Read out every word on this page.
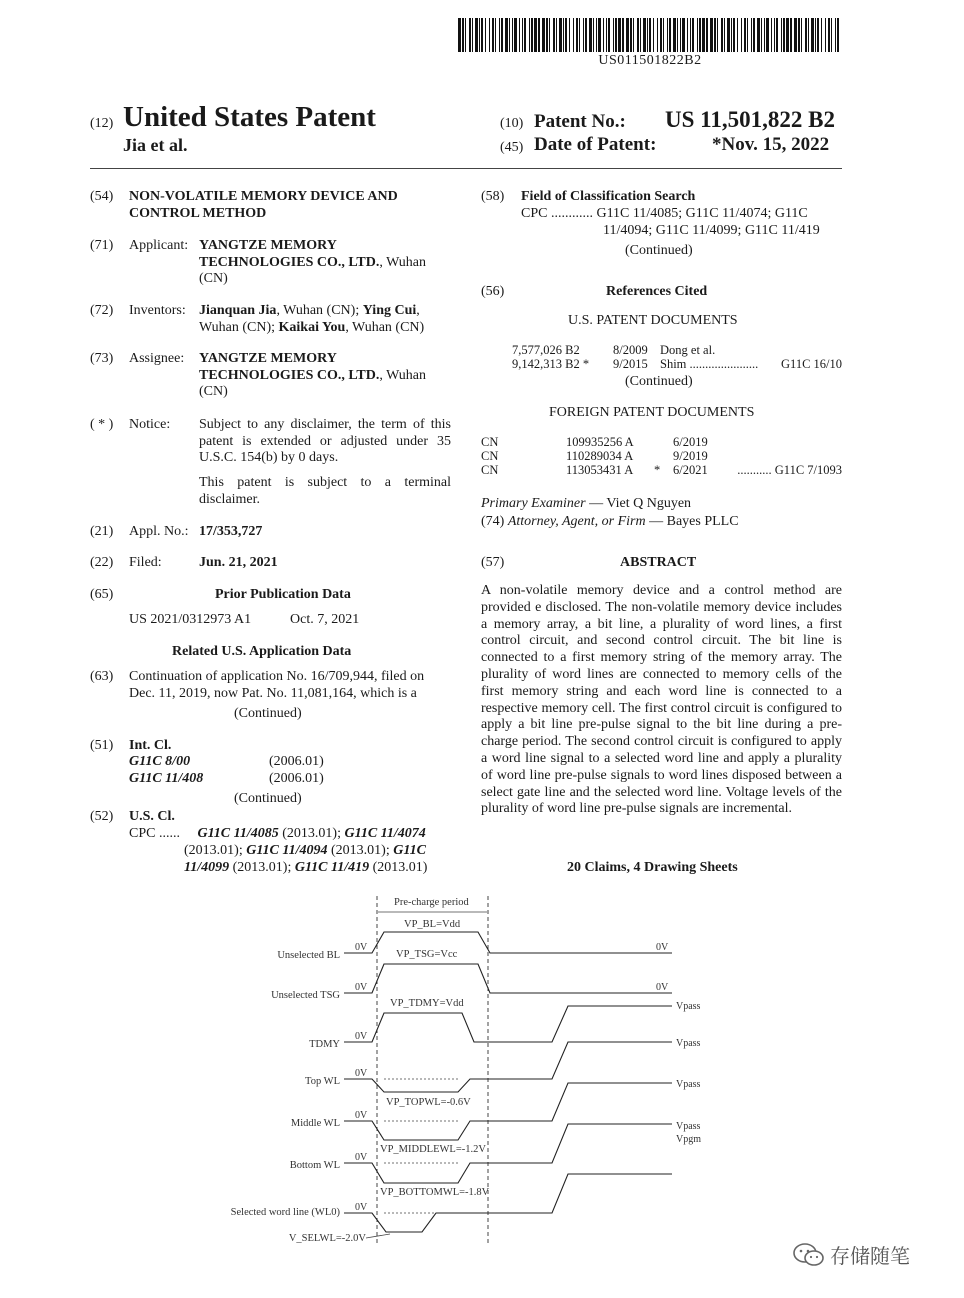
US011501822B2
(12) United States Patent
Jia et al.
(10) Patent No.: US 11,501,822 B2
(45) Date of Patent:	*Nov. 15, 2022
(54) NON-VOLATILE MEMORY DEVICE AND
CONTROL METHOD
(71) Applicant: YANGTZE MEMORY
TECHNOLOGIES CO., LTD., Wuhan
(CN)
(72) Inventors: Jianquan Jia, Wuhan (CN); Ying Cui,
Wuhan (CN); Kaikai You, Wuhan (CN)
(73) Assignee: YANGTZE MEMORY
TECHNOLOGIES CO., LTD., Wuhan
(CN)
( * ) Notice: Subject to any disclaimer, the term of this patent is extended or adjusted under 35 U.S.C. 154(b) by 0 days.
This patent is subject to a terminal disclaimer.
(21) Appl. No.: 17/353,727
(22) Filed:	Jun. 21, 2021
(65)	Prior Publication Data
US 2021/0312973 A1	Oct. 7, 2021
Related U.S. Application Data
(63) Continuation of application No. 16/709,944, filed on
Dec. 11, 2019, now Pat. No. 11,081,164, which is a
(Continued)
(51) Int. Cl.
G11C 8/00	(2006.01)
G11C 11/408	(2006.01)
(Continued)
(52) U.S. Cl.
CPC ...... G11C 11/4085 (2013.01); G11C 11/4074
(2013.01); G11C 11/4094 (2013.01); G11C
11/4099 (2013.01); G11C 11/419 (2013.01)
(58) Field of Classification Search
CPC ............ G11C 11/4085; G11C 11/4074; G11C
11/4094; G11C 11/4099; G11C 11/419
(Continued)
(56)	References Cited
U.S. PATENT DOCUMENTS
7,577,026 B2	8/2009 Dong et al.
9,142,313 B2 * 9/2015 Shim ...................... G11C 16/10
(Continued)
FOREIGN PATENT DOCUMENTS
CN	109935256 A	6/2019
CN	110289034 A	9/2019
CN	113053431 A * 6/2021 ........... G11C 7/1093
Primary Examiner — Viet Q Nguyen
(74) Attorney, Agent, or Firm — Bayes PLLC
(57)	ABSTRACT
A non-volatile memory device and a control method are provided e disclosed. The non-volatile memory device includes a memory array, a bit line, a plurality of word lines, a first control circuit, and second control circuit. The bit line is connected to a first memory string of the memory array. The plurality of word lines are connected to memory cells of the first memory string and each word line is connected to a respective memory cell. The first control circuit is configured to apply a bit line pre-pulse signal to the bit line during a pre-charge period. The second control circuit is configured to apply a word line signal to a selected word line and apply a plurality of word line pre-pulse signals to word lines disposed between a select gate line and the selected word line. Voltage levels of the plurality of word line pre-pulse signals are incremental.
20 Claims, 4 Drawing Sheets
Pre-charge period
Unselected BL
0V
VP_BL=Vdd
0V
Unselected TSG
0V
VP_TSG=Vcc
0V
TDMY
0V
VP_TDMY=Vdd	Vpass
Top WL
0V
VP_TOPWL=-0.6V
Vpass
Middle WL
0V
VP_MIDDLEWL=-1.2V
Vpass
Bottom WL
0V
VP_BOTTOMWL=-1.8V
Vpass
Selected word line (WL0) 0V
Vpgm
V_SELWL=-2.0V
存储随笔
